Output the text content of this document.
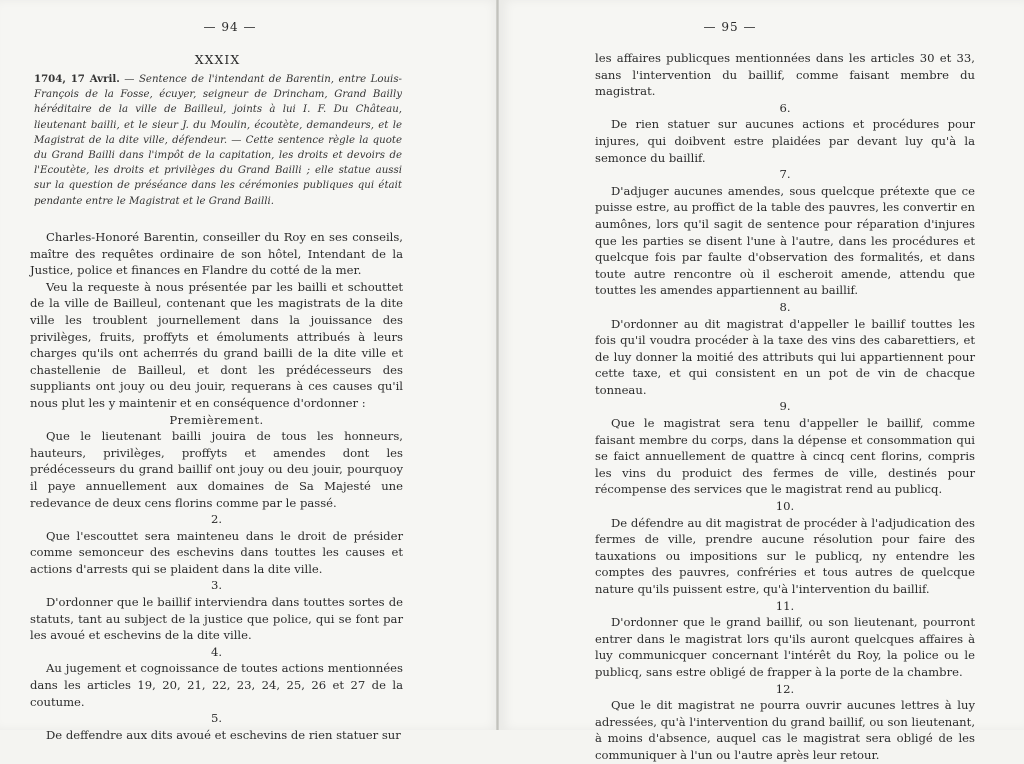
— 94 —
XXXIX
1704, 17 Avril. — Sentence de l'intendant de Barentin, entre Louis-François de la Fosse, écuyer, seigneur de Drincham, Grand Bailly héréditaire de la ville de Bailleul, joints à lui I. F. Du Château, lieutenant bailli, et le sieur J. du Moulin, écoutète, demandeurs, et le Magistrat de la dite ville, défendeur. — Cette sentence règle la quote du Grand Bailli dans l'impôt de la capitation, les droits et devoirs de l'Ecoutète, les droits et privilèges du Grand Bailli ; elle statue aussi sur la question de préséance dans les cérémonies publiques qui était pendante entre le Magistrat et le Grand Bailli.

Charles-Honoré Barentin, conseiller du Roy en ses conseils, maître des requêtes ordinaire de son hôtel, Intendant de la Justice, police et finances en Flandre du cotté de la mer.

Veu la requeste à nous présentée par les bailli et schouttet de la ville de Bailleul, contenant que les magistrats de la dite ville les troublent journellement dans la jouissance des privilèges, fruits, proffyts et émoluments attribués à leurs charges qu'ils ont achептés du grand bailli de la dite ville et chastellenie de Bailleul, et dont les prédécesseurs des suppliants ont jouy ou deu jouir, requerans à ces causes qu'il nous plut les y maintenir et en conséquence d'ordonner :

Premièrement.

Que le lieutenant bailli jouira de tous les honneurs, hauteurs, privilèges, proffyts et amendes dont les prédécesseurs du grand baillif ont jouy ou deu jouir, pourquoy il paye annuellement aux domaines de Sa Majesté une redevance de deux cens florins comme par le passé.

2.

Que l'escouttet sera mainteneu dans le droit de présider comme semonceur des eschevins dans touttes les causes et actions d'arrests qui se plaident dans la dite ville.

3.

D'ordonner que le baillif interviendra dans touttes sortes de statuts, tant au subject de la justice que police, qui se font par les avoué et eschevins de la dite ville.

4.

Au jugement et cognoissance de toutes actions mentionnées dans les articles 19, 20, 21, 22, 23, 24, 25, 26 et 27 de la coutume.

5.

De deffendre aux dits avoué et eschevins de rien statuer sur

— 95 —

les affaires publicques mentionnées dans les articles 30 et 33, sans l'intervention du baillif, comme faisant membre du magistrat.

6.

De rien statuer sur aucunes actions et procédures pour injures, qui doibvent estre plaidées par devant luy qu'à la semonce du baillif.

7.

D'adjuger aucunes amendes, sous quelcque prétexte que ce puisse estre, au proffict de la table des pauvres, les convertir en aumônes, lors qu'il sagit de sentence pour réparation d'injures que les parties se disent l'une à l'autre, dans les procédures et quelcque fois par faulte d'observation des formalités, et dans toute autre rencontre où il escheroit amende, attendu que touttes les amendes appartiennent au baillif.

8.

D'ordonner au dit magistrat d'appeller le baillif touttes les fois qu'il voudra procéder à la taxe des vins des cabarettiers, et de luy donner la moitié des attributs qui lui appartiennent pour cette taxe, et qui consistent en un pot de vin de chacque tonneau.

9.

Que le magistrat sera tenu d'appeller le baillif, comme faisant membre du corps, dans la dépense et consommation qui se faict annuellement de quattre à cincq cent florins, compris les vins du produict des fermes de ville, destinés pour récompense des services que le magistrat rend au publicq.

10.

De défendre au dit magistrat de procéder à l'adjudication des fermes de ville, prendre aucune résolution pour faire des tauxations ou impositions sur le publicq, ny entendre les comptes des pauvres, confréries et tous autres de quelcque nature qu'ils puissent estre, qu'à l'intervention du baillif.

11.

D'ordonner que le grand baillif, ou son lieutenant, pourront entrer dans le magistrat lors qu'ils auront quelcques affaires à luy communicquer concernant l'intérêt du Roy, la police ou le publicq, sans estre obligé de frapper à la porte de la chambre.

12.

Que le dit magistrat ne pourra ouvrir aucunes lettres à luy adressées, qu'à l'intervention du grand baillif, ou son lieutenant, à moins d'absence, auquel cas le magistrat sera obligé de les communiquer à l'un ou l'autre après leur retour.
